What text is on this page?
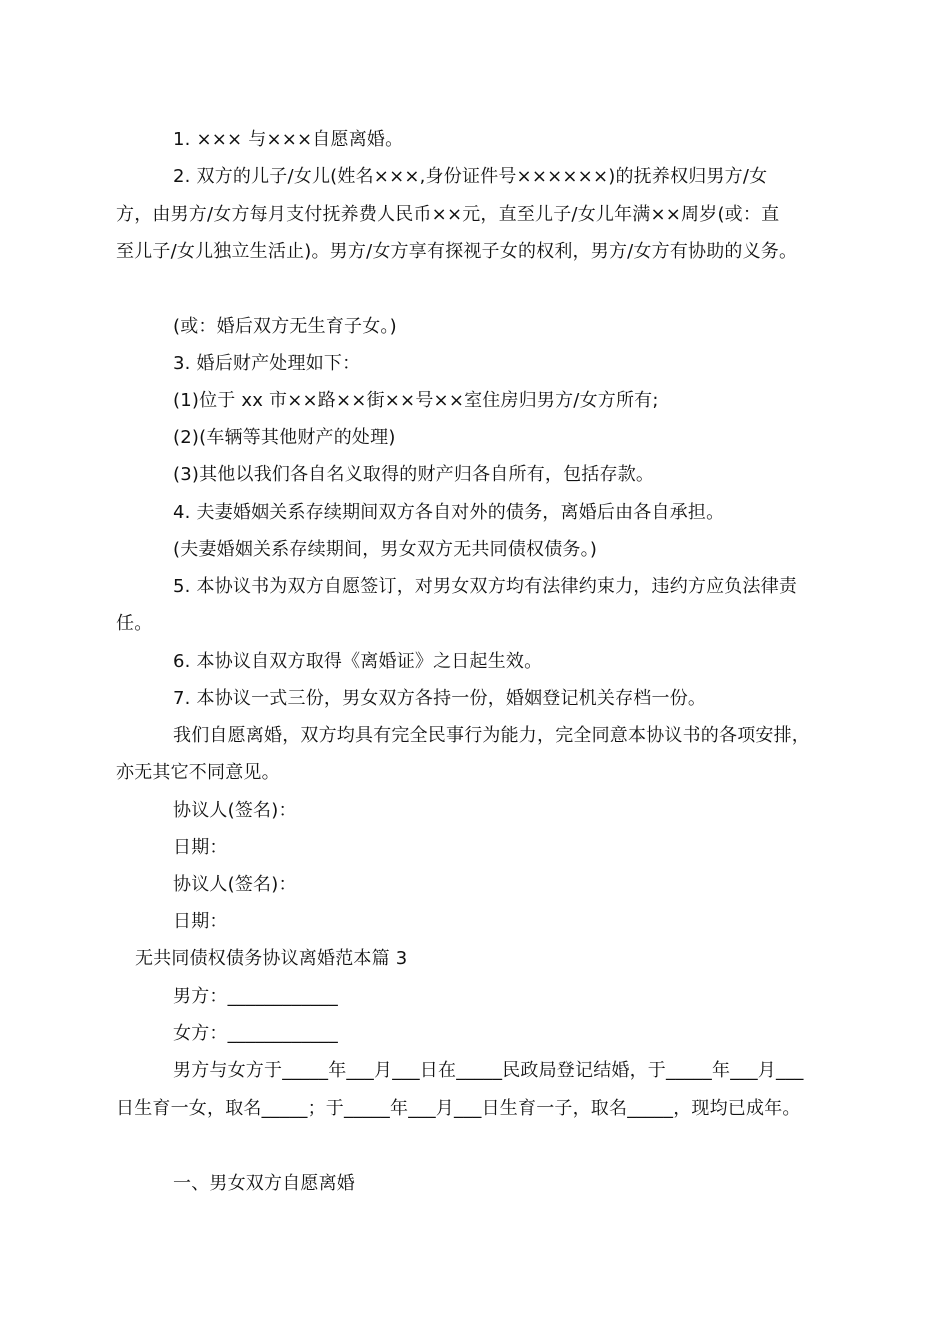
1. ××× 与×××自愿离婚。
2. 双方的儿子/女儿(姓名×××,身份证件号××××××)的抚养权归男方/女
方，由男方/女方每月支付抚养费人民币××元，直至儿子/女儿年满××周岁(或：直
至儿子/女儿独立生活止)。男方/女方享有探视子女的权利，男方/女方有协助的义务。
(或：婚后双方无生育子女。)
3. 婚后财产处理如下：
(1)位于 xx 市××路××街××号××室住房归男方/女方所有;
(2)(车辆等其他财产的处理)
(3)其他以我们各自名义取得的财产归各自所有，包括存款。
4. 夫妻婚姻关系存续期间双方各自对外的债务，离婚后由各自承担。
(夫妻婚姻关系存续期间，男女双方无共同债权债务。)
5. 本协议书为双方自愿签订，对男女双方均有法律约束力，违约方应负法律责
任。
6. 本协议自双方取得《离婚证》之日起生效。
7. 本协议一式三份，男女双方各持一份，婚姻登记机关存档一份。
我们自愿离婚，双方均具有完全民事行为能力，完全同意本协议书的各项安排，
亦无其它不同意见。
协议人(签名)：
日期：
协议人(签名)：
日期：
无共同债权债务协议离婚范本篇 3
男方：____________
女方：____________
男方与女方于_____年___月___日在_____民政局登记结婚，于_____年___月___
日生育一女，取名_____；于_____年___月___日生育一子，取名_____，现均已成年。
一、男女双方自愿离婚
